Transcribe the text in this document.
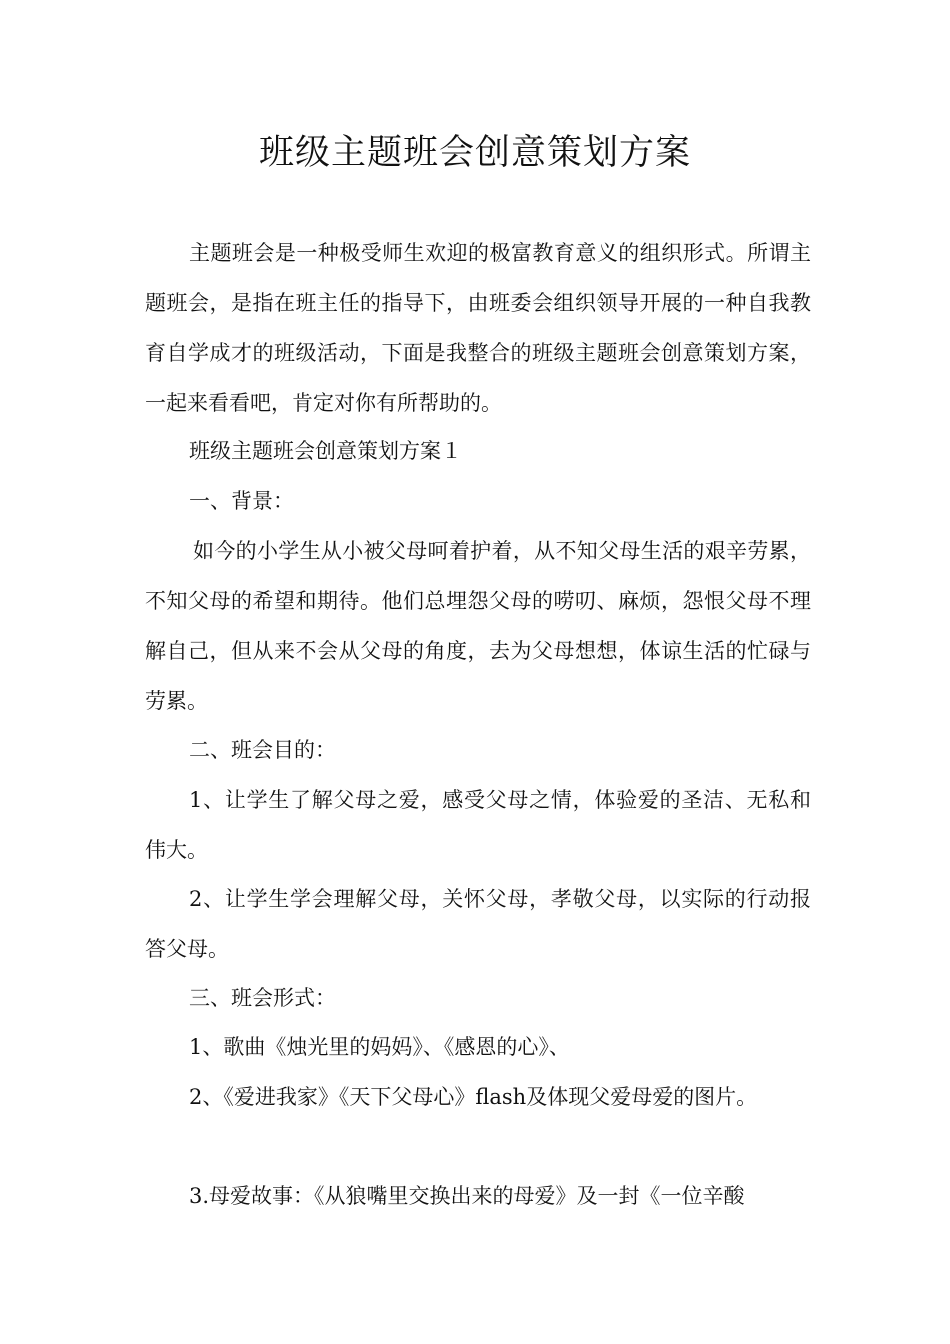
班级主题班会创意策划方案

主题班会是一种极受师生欢迎的极富教育意义的组织形式。所谓主题班会，是指在班主任的指导下，由班委会组织领导开展的一种自我教育自学成才的班级活动，下面是我整合的班级主题班会创意策划方案，一起来看看吧，肯定对你有所帮助的。

班级主题班会创意策划方案１

一、背景：

如今的小学生从小被父母呵着护着，从不知父母生活的艰辛劳累，不知父母的希望和期待。他们总埋怨父母的唠叨、麻烦，怨恨父母不理解自己，但从来不会从父母的角度，去为父母想想，体谅生活的忙碌与劳累。

二、班会目的：

1、让学生了解父母之爱，感受父母之情，体验爱的圣洁、无私和伟大。

2、让学生学会理解父母，关怀父母，孝敬父母，以实际的行动报答父母。

三、班会形式：

1、歌曲《烛光里的妈妈》、《感恩的心》、

2、《爱进我家》《天下父母心》flash及体现父爱母爱的图片。

3.母爱故事：《从狼嘴里交换出来的母爱》及一封《一位辛酸
